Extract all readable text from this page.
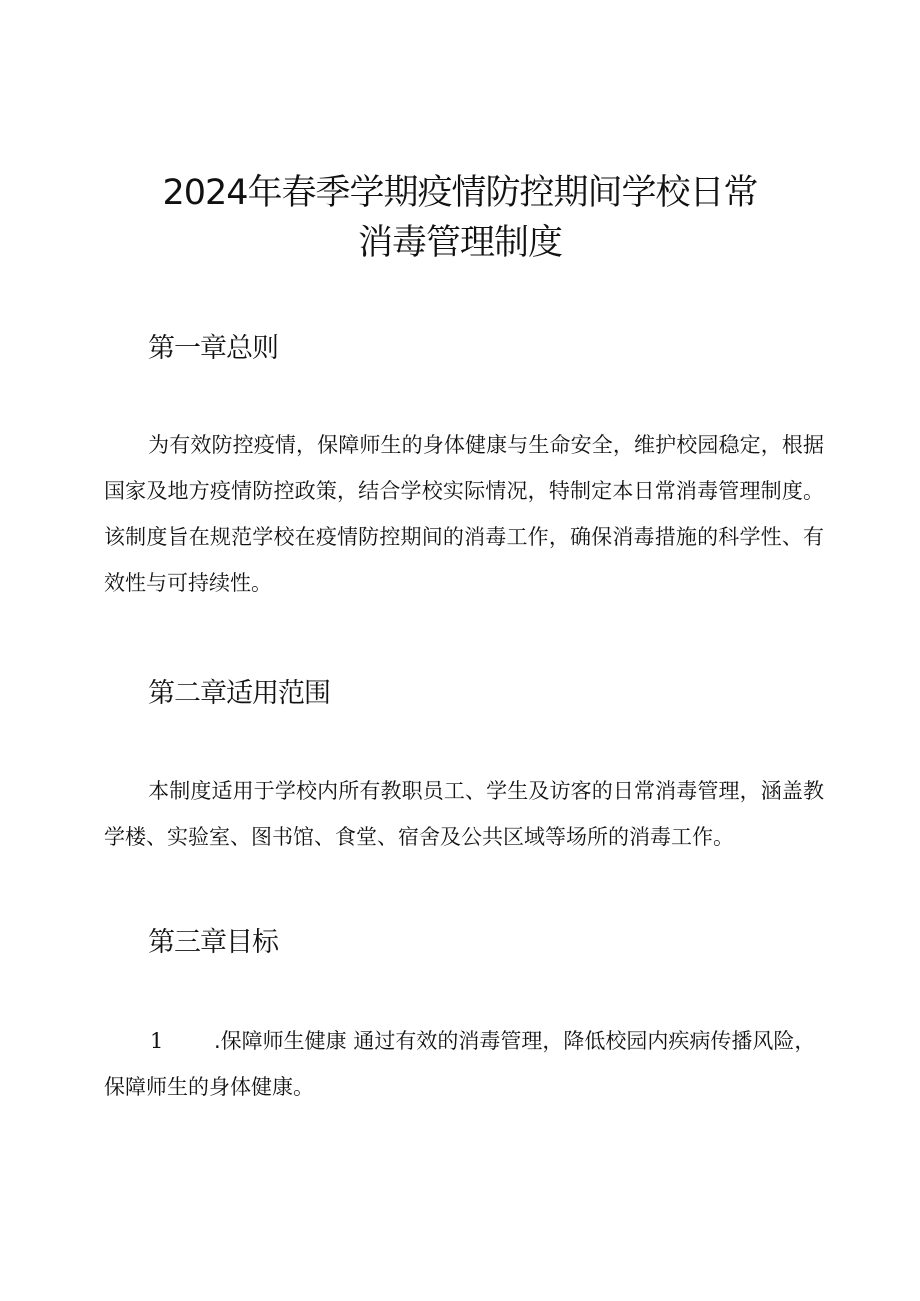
2024年春季学期疫情防控期间学校日常
消毒管理制度
第一章总则

为有效防控疫情，保障师生的身体健康与生命安全，维护校园稳定，根据国家及地方疫情防控政策，结合学校实际情况，特制定本日常消毒管理制度。该制度旨在规范学校在疫情防控期间的消毒工作，确保消毒措施的科学性、有效性与可持续性。

第二章适用范围

本制度适用于学校内所有教职员工、学生及访客的日常消毒管理，涵盖教学楼、实验室、图书馆、食堂、宿舍及公共区域等场所的消毒工作。

第三章目标

1 .保障师生健康 通过有效的消毒管理，降低校园内疾病传播风险，保障师生的身体健康。
